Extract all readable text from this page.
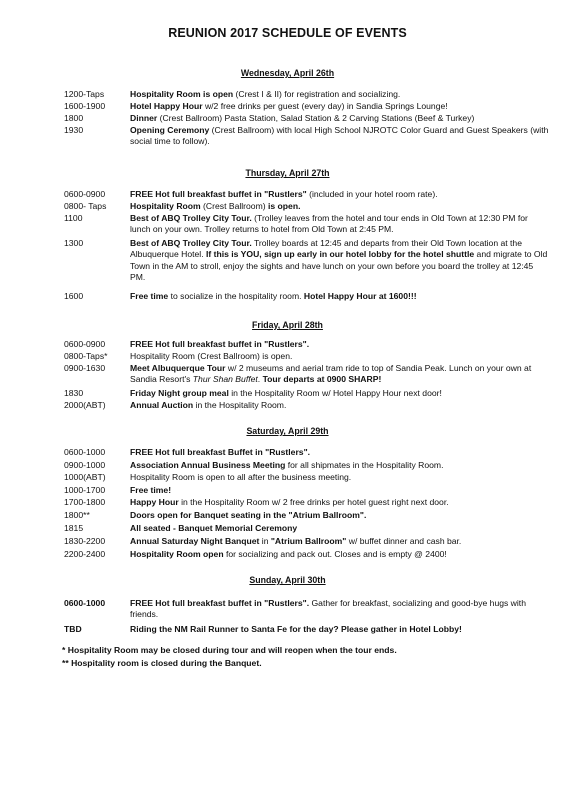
REUNION 2017 SCHEDULE OF EVENTS
Wednesday, April 26th
1200-Taps	Hospitality Room is open (Crest I & II) for registration and socializing.
1600-1900	Hotel Happy Hour w/2 free drinks per guest (every day) in Sandia Springs Lounge!
1800	Dinner (Crest Ballroom) Pasta Station, Salad Station & 2 Carving Stations (Beef & Turkey)
1930	Opening Ceremony (Crest Ballroom) with local High School NJROTC Color Guard and Guest Speakers (with social time to follow).
Thursday, April 27th
0600-0900	FREE Hot full breakfast buffet in "Rustlers" (included in your hotel room rate).
0800- Taps	Hospitality Room (Crest Ballroom) is open.
1100	Best of ABQ Trolley City Tour. (Trolley leaves from the hotel and tour ends in Old Town at 12:30 PM for lunch on your own. Trolley returns to hotel from Old Town at 2:45 PM.
1300	Best of ABQ Trolley City Tour. Trolley boards at 12:45 and departs from their Old Town location at the Albuquerque Hotel. If this is YOU, sign up early in our hotel lobby for the hotel shuttle and migrate to Old Town in the AM to stroll, enjoy the sights and have lunch on your own before you board the trolley at 12:45 PM.
1600	Free time to socialize in the hospitality room. Hotel Happy Hour at 1600!!!
Friday, April 28th
0600-0900	FREE Hot full breakfast buffet in "Rustlers".
0800-Taps*	Hospitality Room (Crest Ballroom) is open.
0900-1630	Meet Albuquerque Tour w/ 2 museums and aerial tram ride to top of Sandia Peak. Lunch on your own at Sandia Resort's Thur Shan Buffet. Tour departs at 0900 SHARP!
1830	Friday Night group meal in the Hospitality Room w/ Hotel Happy Hour next door!
2000(ABT)	Annual Auction in the Hospitality Room.
Saturday, April 29th
0600-1000	FREE Hot full breakfast Buffet in "Rustlers".
0900-1000	Association Annual Business Meeting for all shipmates in the Hospitality Room.
1000(ABT)	Hospitality Room is open to all after the business meeting.
1000-1700	Free time!
1700-1800	Happy Hour in the Hospitality Room w/ 2 free drinks per hotel guest right next door.
1800**	Doors open for Banquet seating in the "Atrium Ballroom".
1815	All seated - Banquet Memorial Ceremony
1830-2200	Annual Saturday Night Banquet in "Atrium Ballroom" w/ buffet dinner and cash bar.
2200-2400	Hospitality Room open for socializing and pack out. Closes and is empty @ 2400!
Sunday, April 30th
0600-1000	FREE Hot full breakfast buffet in "Rustlers". Gather for breakfast, socializing and good-bye hugs with friends.
TBD	Riding the NM Rail Runner to Santa Fe for the day? Please gather in Hotel Lobby!
* Hospitality Room may be closed during tour and will reopen when the tour ends.
** Hospitality room is closed during the Banquet.
